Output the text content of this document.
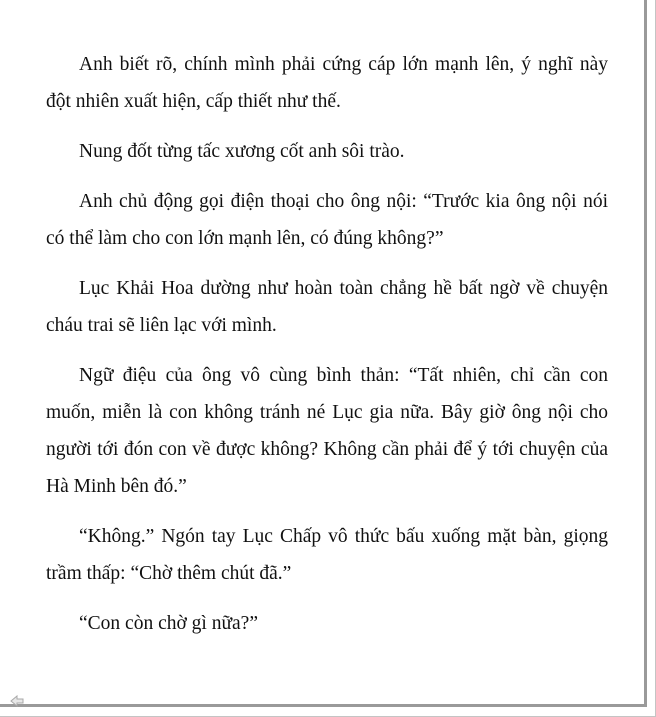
Anh biết rõ, chính mình phải cứng cáp lớn mạnh lên, ý nghĩ này đột nhiên xuất hiện, cấp thiết như thế.

Nung đốt từng tấc xương cốt anh sôi trào.

Anh chủ động gọi điện thoại cho ông nội: “Trước kia ông nội nói có thể làm cho con lớn mạnh lên, có đúng không?”

Lục Khải Hoa dường như hoàn toàn chẳng hề bất ngờ về chuyện cháu trai sẽ liên lạc với mình.

Ngữ điệu của ông vô cùng bình thản: “Tất nhiên, chỉ cần con muốn, miễn là con không tránh né Lục gia nữa. Bây giờ ông nội cho người tới đón con về được không? Không cần phải để ý tới chuyện của Hà Minh bên đó.”

“Không.” Ngón tay Lục Chấp vô thức bấu xuống mặt bàn, giọng trầm thấp: “Chờ thêm chút đã.”

“Con còn chờ gì nữa?”
